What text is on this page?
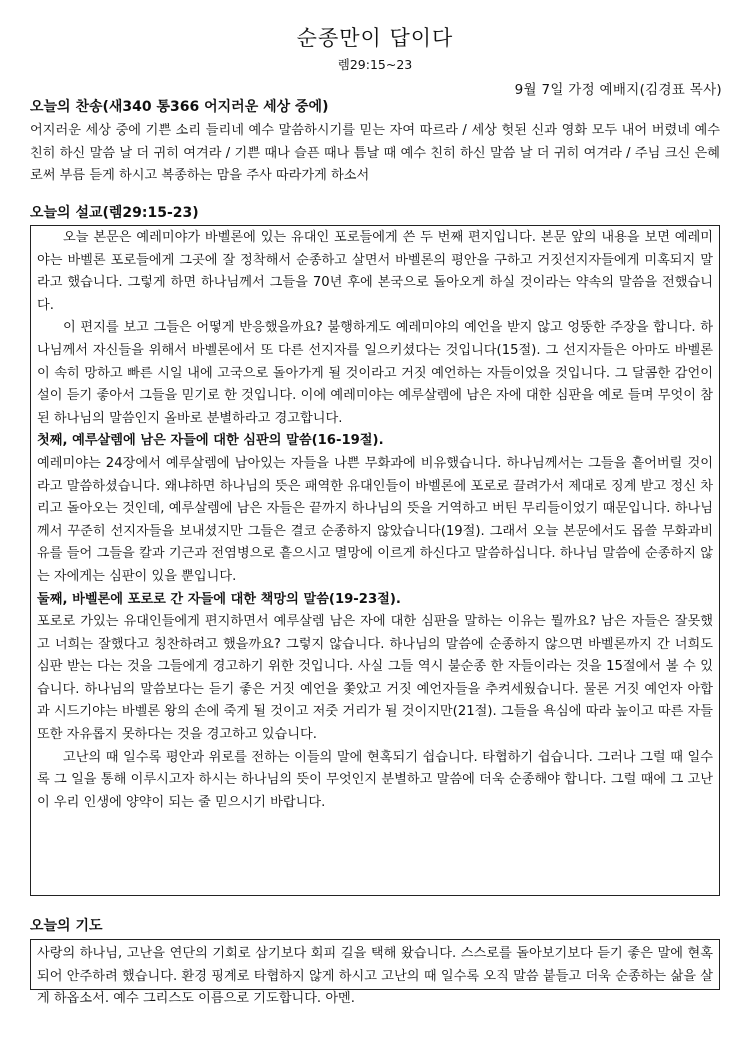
순종만이 답이다
렘29:15~23
9월 7일 가정 예배지(김경표 목사)
오늘의 찬송(새340 통366 어지러운 세상 중에)

어지러운 세상 중에 기쁜 소리 들리네 예수 말씀하시기를 믿는 자여 따르라 / 세상 헛된 신과 영화 모두 내어 버렸네 예수 친히 하신 말씀 날 더 귀히 여겨라 / 기쁜 때나 슬픈 때나 틈날 때 예수 친히 하신 말씀 날 더 귀히 여겨라 / 주님 크신 은혜로써 부름 듣게 하시고 복종하는 맘을 주사 따라가게 하소서

오늘의 설교(렘29:15-23)

오늘 본문은 예레미야가 바벨론에 있는 유대인 포로들에게 쓴 두 번째 편지입니다. 본문 앞의 내용을 보면 예레미야는 바벨론 포로들에게 그곳에 잘 정착해서 순종하고 살면서 바벨론의 평안을 구하고 거짓선지자들에게 미혹되지 말라고 했습니다. 그렇게 하면 하나님께서 그들을 70년 후에 본국으로 돌아오게 하실 것이라는 약속의 말씀을 전했습니다.

이 편지를 보고 그들은 어떻게 반응했을까요? 불행하게도 예레미야의 예언을 받지 않고 엉뚱한 주장을 합니다. 하나님께서 자신들을 위해서 바벨론에서 또 다른 선지자를 일으키셨다는 것입니다(15절). 그 선지자들은 아마도 바벨론이 속히 망하고 빠른 시일 내에 고국으로 돌아가게 될 것이라고 거짓 예언하는 자들이었을 것입니다. 그 달콤한 감언이설이 듣기 좋아서 그들을 믿기로 한 것입니다. 이에 예레미야는 예루살렘에 남은 자에 대한 심판을 예로 들며 무엇이 참된 하나님의 말씀인지 올바로 분별하라고 경고합니다.

첫째, 예루살렘에 남은 자들에 대한 심판의 말씀(16-19절).

예레미야는 24장에서 예루살렘에 남아있는 자들을 나쁜 무화과에 비유했습니다. 하나님께서는 그들을 흩어버릴 것이라고 말씀하셨습니다. 왜냐하면 하나님의 뜻은 패역한 유대인들이 바벨론에 포로로 끌려가서 제대로 징계 받고 정신 차리고 돌아오는 것인데, 예루살렘에 남은 자들은 끝까지 하나님의 뜻을 거역하고 버틴 무리들이었기 때문입니다. 하나님께서 꾸준히 선지자들을 보내셨지만 그들은 결코 순종하지 않았습니다(19절). 그래서 오늘 본문에서도 몹쓸 무화과비유를 들어 그들을 칼과 기근과 전염병으로 흩으시고 멸망에 이르게 하신다고 말씀하십니다. 하나님 말씀에 순종하지 않는 자에게는 심판이 있을 뿐입니다.

둘째, 바벨론에 포로로 간 자들에 대한 책망의 말씀(19-23절).

포로로 가있는 유대인들에게 편지하면서 예루살렘 남은 자에 대한 심판을 말하는 이유는 뭘까요? 남은 자들은 잘못했고 너희는 잘했다고 칭찬하려고 했을까요? 그렇지 않습니다. 하나님의 말씀에 순종하지 않으면 바벨론까지 간 너희도 심판 받는 다는 것을 그들에게 경고하기 위한 것입니다. 사실 그들 역시 불순종 한 자들이라는 것을 15절에서 볼 수 있습니다. 하나님의 말씀보다는 듣기 좋은 거짓 예언을 쫓았고 거짓 예언자들을 추켜세웠습니다. 물론 거짓 예언자 아합과 시드기야는 바벨론 왕의 손에 죽게 될 것이고 저줏 거리가 될 것이지만(21절). 그들을 욕심에 따라 높이고 따른 자들 또한 자유롭지 못하다는 것을 경고하고 있습니다.

고난의 때 일수록 평안과 위로를 전하는 이들의 말에 현혹되기 쉽습니다. 타협하기 쉽습니다. 그러나 그럴 때 일수록 그 일을 통해 이루시고자 하시는 하나님의 뜻이 무엇인지 분별하고 말씀에 더욱 순종해야 합니다. 그럴 때에 그 고난이 우리 인생에 양약이 되는 줄 믿으시기 바랍니다.

오늘의 기도

사랑의 하나님, 고난을 연단의 기회로 삼기보다 회피 길을 택해 왔습니다. 스스로를 돌아보기보다 듣기 좋은 말에 현혹되어 안주하려 했습니다. 환경 핑계로 타협하지 않게 하시고 고난의 때 일수록 오직 말씀 붙들고 더욱 순종하는 삶을 살게 하옵소서. 예수 그리스도 이름으로 기도합니다. 아멘.
